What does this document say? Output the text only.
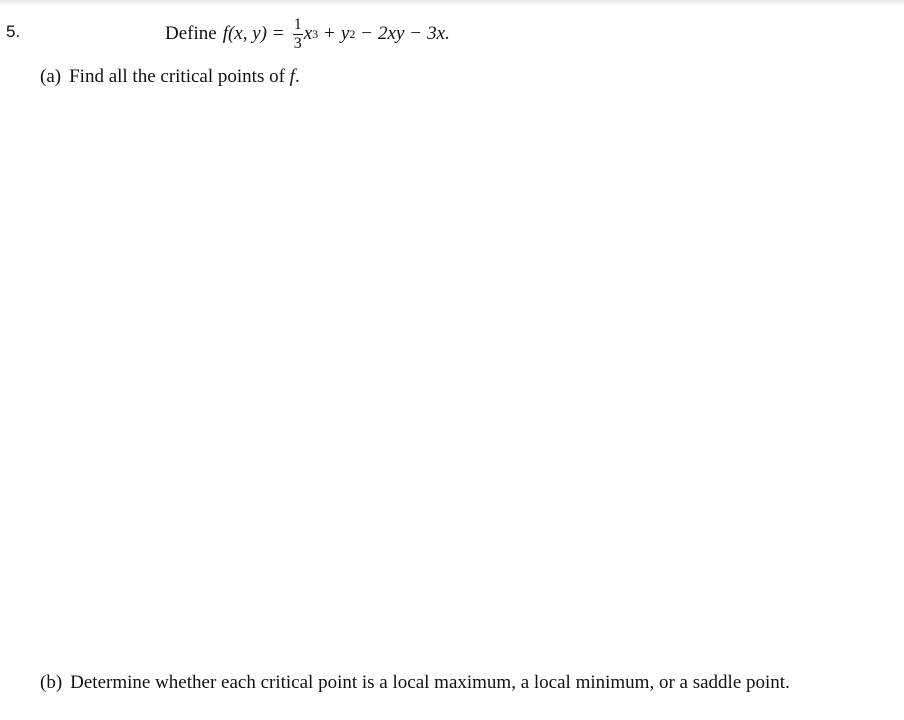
5.	Define f(x, $y) = \frac{1}{3}$ x 3 + y 2 − 2xy − 3x.
(a) Find all the critical points of f.
(b) Determine whether each critical point is a local maximum, a local minimum, or a saddle point.
